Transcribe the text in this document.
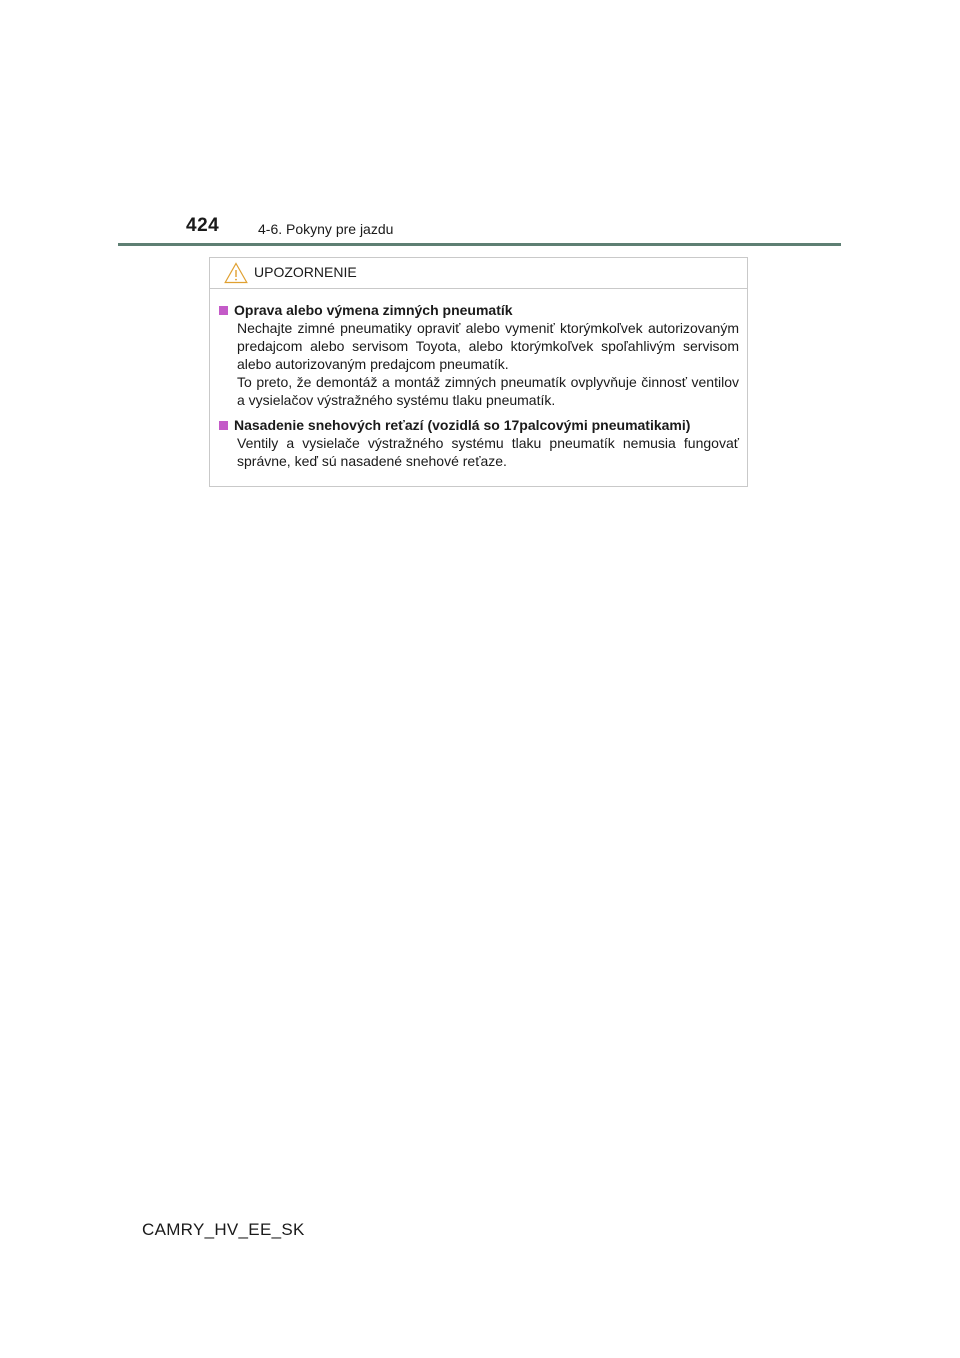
424	4-6. Pokyny pre jazdu
UPOZORNENIE
Oprava alebo výmena zimných pneumatík
Nechajte zimné pneumatiky opraviť alebo vymeniť ktorýmkoľvek autorizovaným predajcom alebo servisom Toyota, alebo ktorýmkoľvek spoľahlivým servisom alebo autorizovaným predajcom pneumatík.
To preto, že demontáž a montáž zimných pneumatík ovplyvňuje činnosť ventilov a vysielačov výstražného systému tlaku pneumatík.
Nasadenie snehových reťazí (vozidlá so 17palcovými pneumatikami)
Ventily a vysielače výstražného systému tlaku pneumatík nemusia fungovať správne, keď sú nasadené snehové reťaze.
CAMRY_HV_EE_SK
